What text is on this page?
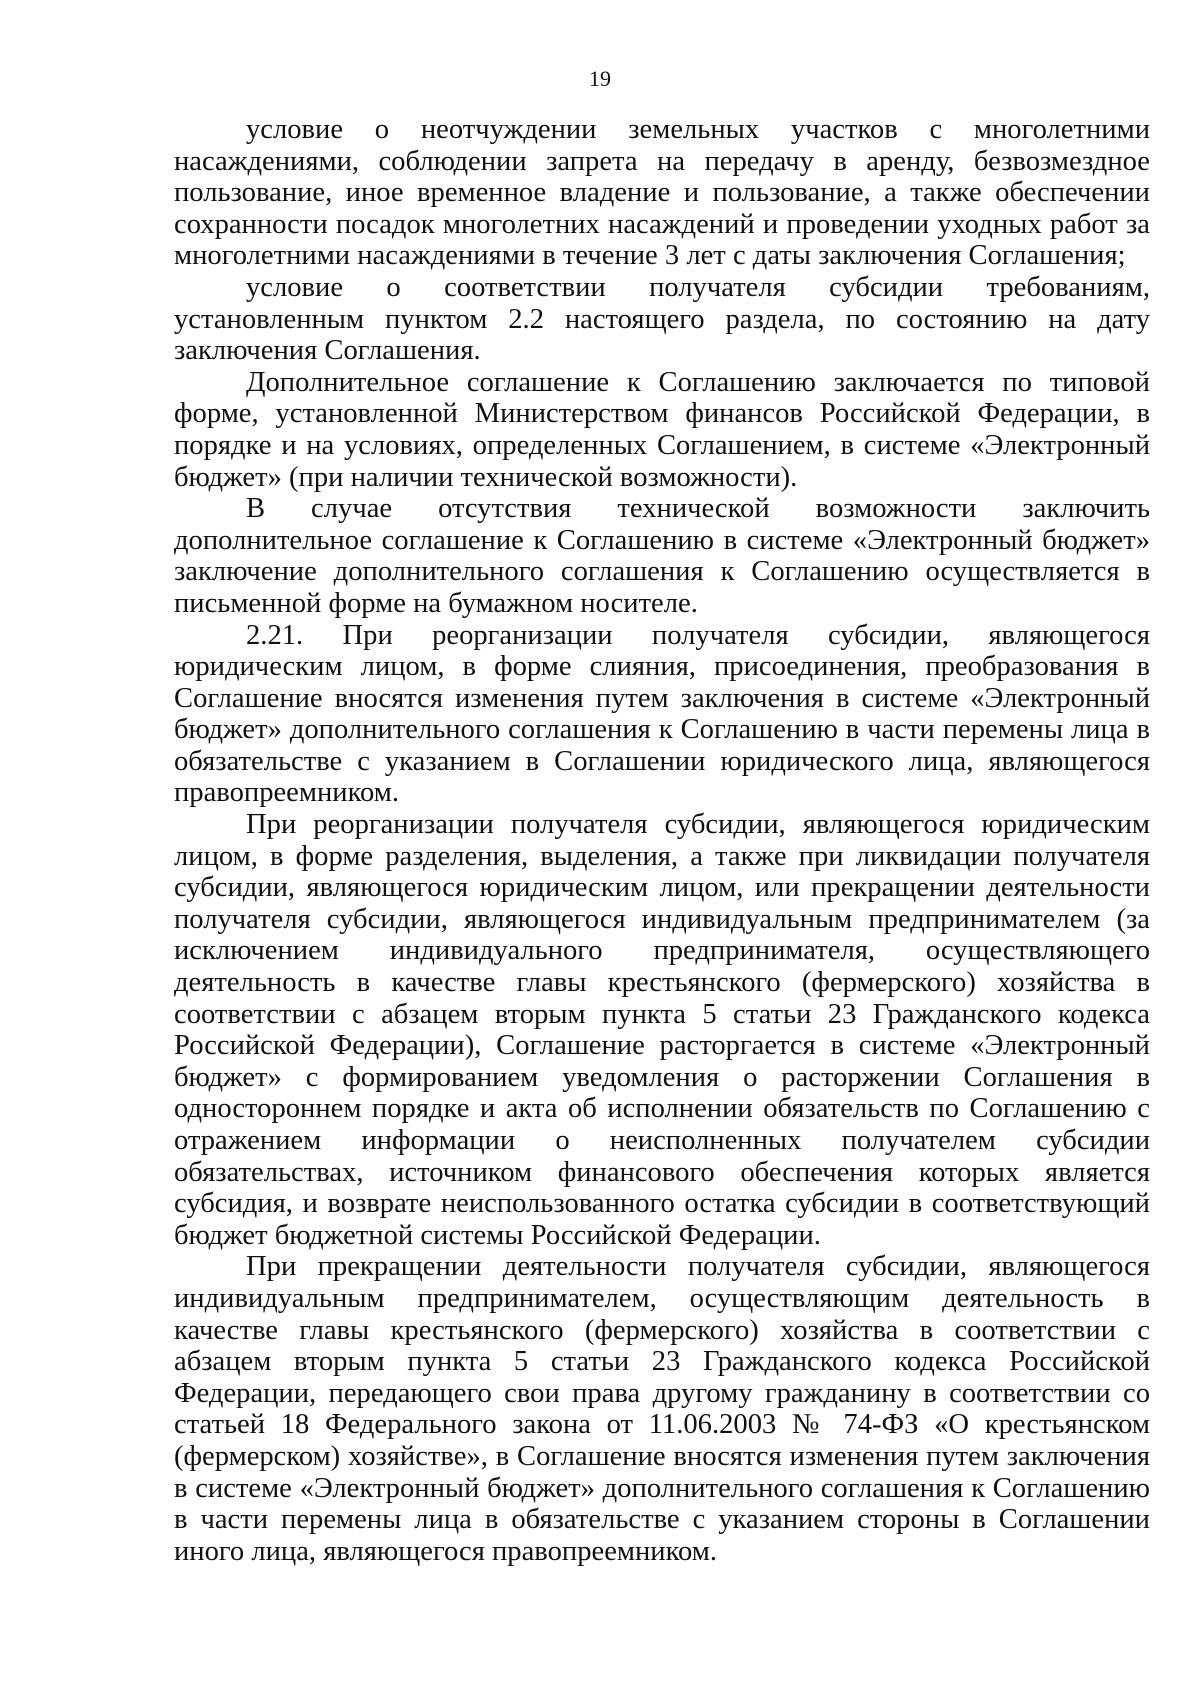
19

условие о неотчуждении земельных участков с многолетними насаждениями, соблюдении запрета на передачу в аренду, безвозмездное пользование, иное временное владение и пользование, а также обеспечении сохранности посадок многолетних насаждений и проведении уходных работ за многолетними насаждениями в течение 3 лет с даты заключения Соглашения;

условие о соответствии получателя субсидии требованиям, установленным пунктом 2.2 настоящего раздела, по состоянию на дату заключения Соглашения.

Дополнительное соглашение к Соглашению заключается по типовой форме, установленной Министерством финансов Российской Федерации, в порядке и на условиях, определенных Соглашением, в системе «Электронный бюджет» (при наличии технической возможности).

В случае отсутствия технической возможности заключить дополнительное соглашение к Соглашению в системе «Электронный бюджет» заключение дополнительного соглашения к Соглашению осуществляется в письменной форме на бумажном носителе.

2.21. При реорганизации получателя субсидии, являющегося юридическим лицом, в форме слияния, присоединения, преобразования в Соглашение вносятся изменения путем заключения в системе «Электронный бюджет» дополнительного соглашения к Соглашению в части перемены лица в обязательстве с указанием в Соглашении юридического лица, являющегося правопреемником.

При реорганизации получателя субсидии, являющегося юридическим лицом, в форме разделения, выделения, а также при ликвидации получателя субсидии, являющегося юридическим лицом, или прекращении деятельности получателя субсидии, являющегося индивидуальным предпринимателем (за исключением индивидуального предпринимателя, осуществляющего деятельность в качестве главы крестьянского (фермерского) хозяйства в соответствии с абзацем вторым пункта 5 статьи 23 Гражданского кодекса Российской Федерации), Соглашение расторгается в системе «Электронный бюджет» с формированием уведомления о расторжении Соглашения в одностороннем порядке и акта об исполнении обязательств по Соглашению с отражением информации о неисполненных получателем субсидии обязательствах, источником финансового обеспечения которых является субсидия, и возврате неиспользованного остатка субсидии в соответствующий бюджет бюджетной системы Российской Федерации.

При прекращении деятельности получателя субсидии, являющегося индивидуальным предпринимателем, осуществляющим деятельность в качестве главы крестьянского (фермерского) хозяйства в соответствии с абзацем вторым пункта 5 статьи 23 Гражданского кодекса Российской Федерации, передающего свои права другому гражданину в соответствии со статьей 18 Федерального закона от 11.06.2003 № 74-ФЗ «О крестьянском (фермерском) хозяйстве», в Соглашение вносятся изменения путем заключения в системе «Электронный бюджет» дополнительного соглашения к Соглашению в части перемены лица в обязательстве с указанием стороны в Соглашении иного лица, являющегося правопреемником.
